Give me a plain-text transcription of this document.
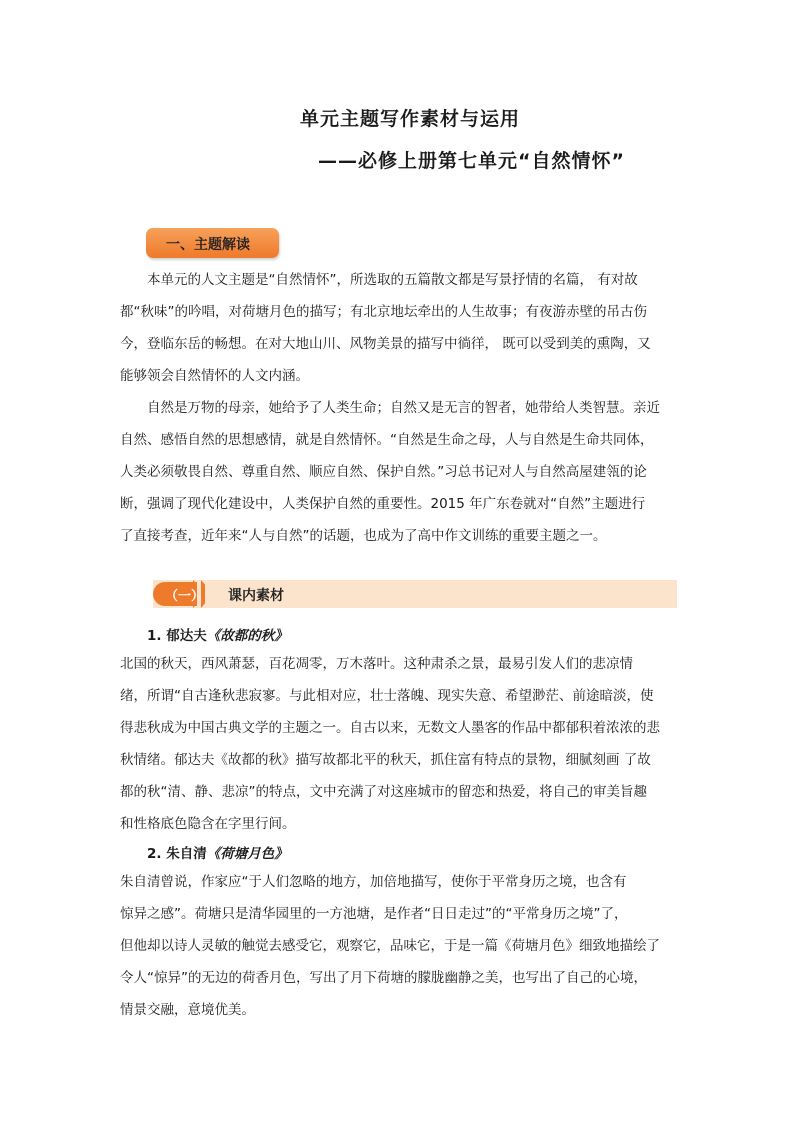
单元主题写作素材与运用
——必修上册第七单元“自然情怀”
一、主题解读
本单元的人文主题是“自然情怀”，所选取的五篇散文都是写景抒情的名篇， 有对故
都“秋味”的吟唱，对荷塘月色的描写；有北京地坛牵出的人生故事；有夜游赤壁的吊古伤
今，登临东岳的畅想。在对大地山川、风物美景的描写中徜徉， 既可以受到美的熏陶，又
能够领会自然情怀的人文内涵。
自然是万物的母亲，她给予了人类生命；自然又是无言的智者，她带给人类智慧。亲近
自然、感悟自然的思想感情，就是自然情怀。“自然是生命之母，人与自然是生命共同体，
人类必须敬畏自然、尊重自然、顺应自然、保护自然。”习总书记对人与自然高屋建瓴的论
断，强调了现代化建设中，人类保护自然的重要性。2015 年广东卷就对“自然”主题进行
了直接考查，近年来“人与自然”的话题，也成为了高中作文训练的重要主题之一。
（一） 课内素材
1. 郁达夫《故都的秋》
北国的秋天，西风萧瑟，百花凋零，万木落叶。这种肃杀之景，最易引发人们的悲凉情
绪，所谓“自古逢秋悲寂寥。与此相对应，壮士落魄、现实失意、希望渺茫、前途暗淡，使
得悲秋成为中国古典文学的主题之一。自古以来，无数文人墨客的作品中都郁积着浓浓的悲
秋情绪。郁达夫《故都的秋》描写故都北平的秋天，抓住富有特点的景物，细腻刻画 了故
都的秋“清、静、悲凉”的特点，文中充满了对这座城市的留恋和热爱，将自己的审美旨趣
和性格底色隐含在字里行间。
2. 朱自清《荷塘月色》
朱自清曾说，作家应“于人们忽略的地方，加倍地描写，使你于平常身历之境，也含有
惊异之感”。荷塘只是清华园里的一方池塘，是作者“日日走过”的“平常身历之境”了，
但他却以诗人灵敏的触觉去感受它，观察它，品味它，于是一篇《荷塘月色》细致地描绘了
令人“惊异”的无边的荷香月色，写出了月下荷塘的朦胧幽静之美，也写出了自己的心境，
情景交融，意境优美。
